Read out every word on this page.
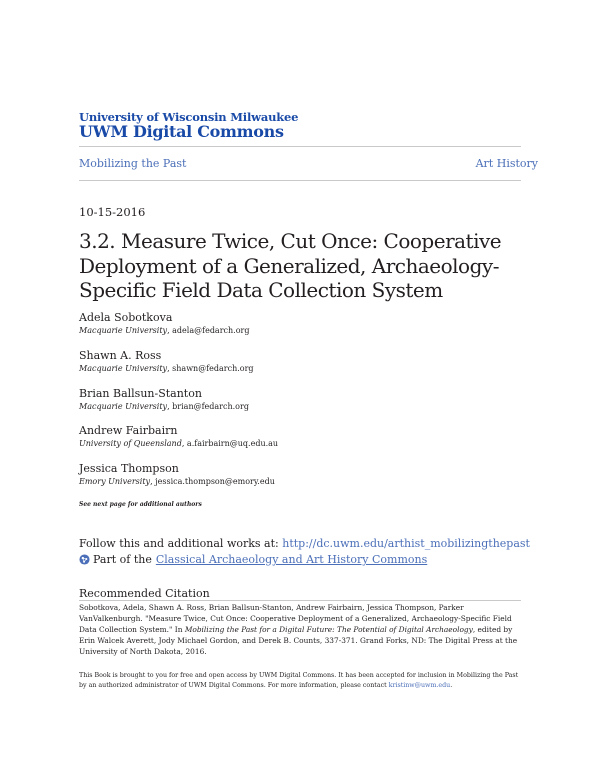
University of Wisconsin Milwaukee
UWM Digital Commons
Mobilizing the Past	Art History
10-15-2016
3.2. Measure Twice, Cut Once: Cooperative Deployment of a Generalized, Archaeology-Specific Field Data Collection System
Adela Sobotkova
Macquarie University, adela@fedarch.org
Shawn A. Ross
Macquarie University, shawn@fedarch.org
Brian Ballsun-Stanton
Macquarie University, brian@fedarch.org
Andrew Fairbairn
University of Queensland, a.fairbairn@uq.edu.au
Jessica Thompson
Emory University, jessica.thompson@emory.edu
See next page for additional authors
Follow this and additional works at: http://dc.uwm.edu/arthist_mobilizingthepast
Part of the Classical Archaeology and Art History Commons
Recommended Citation
Sobotkova, Adela, Shawn A. Ross, Brian Ballsun-Stanton, Andrew Fairbairn, Jessica Thompson, Parker VanValkenburgh. "Measure Twice, Cut Once: Cooperative Deployment of a Generalized, Archaeology-Specific Field Data Collection System." In Mobilizing the Past for a Digital Future: The Potential of Digital Archaeology, edited by Erin Walcek Averett, Jody Michael Gordon, and Derek B. Counts, 337-371. Grand Forks, ND: The Digital Press at the University of North Dakota, 2016.
This Book is brought to you for free and open access by UWM Digital Commons. It has been accepted for inclusion in Mobilizing the Past by an authorized administrator of UWM Digital Commons. For more information, please contact kristinw@uwm.edu.
